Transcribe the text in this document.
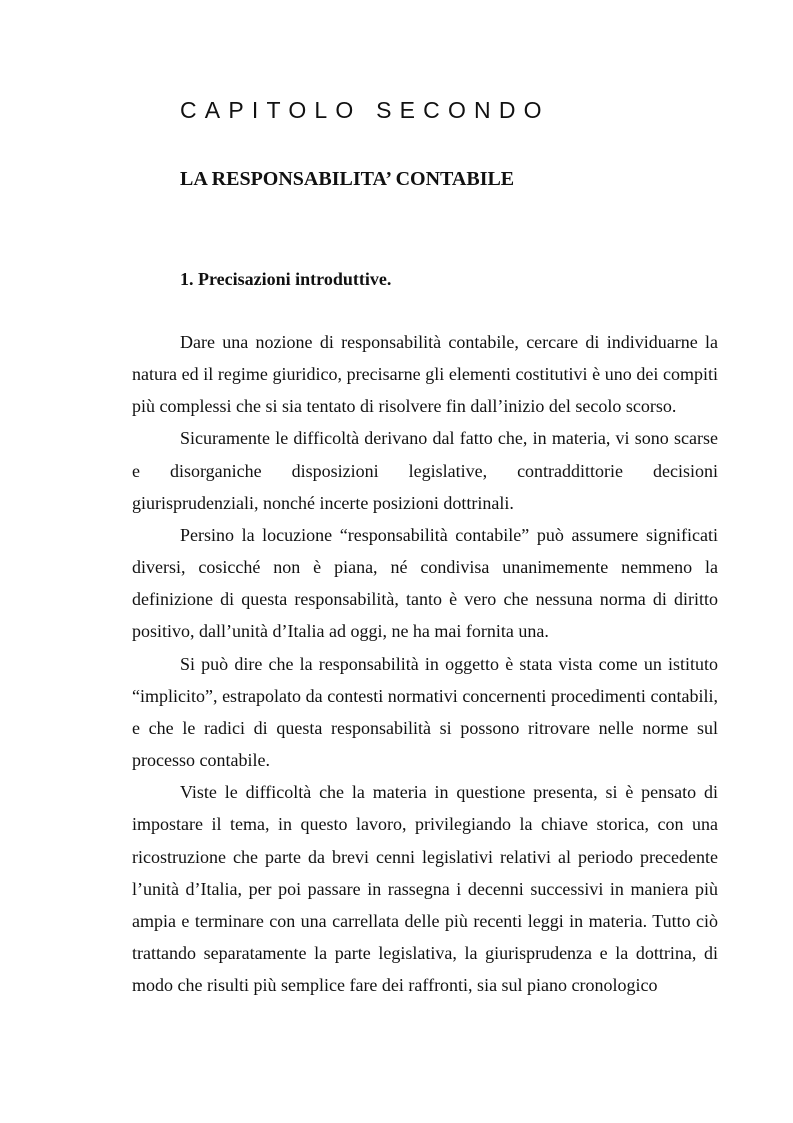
CAPITOLO SECONDO
LA RESPONSABILITA’ CONTABILE
1. Precisazioni introduttive.

Dare una nozione di responsabilità contabile, cercare di individuarne la natura ed il regime giuridico, precisarne gli elementi costitutivi è uno dei compiti più complessi che si sia tentato di risolvere fin dall’inizio del secolo scorso.

Sicuramente le difficoltà derivano dal fatto che, in materia, vi sono scarse e disorganiche disposizioni legislative, contraddittorie decisioni giurisprudenziali, nonché incerte posizioni dottrinali.

Persino la locuzione “responsabilità contabile” può assumere significati diversi, cosicché non è piana, né condivisa unanimemente nemmeno la definizione di questa responsabilità, tanto è vero che nessuna norma di diritto positivo, dall’unità d’Italia ad oggi, ne ha mai fornita una.

Si può dire che la responsabilità in oggetto è stata vista come un istituto “implicito”, estrapolato da contesti normativi concernenti procedimenti contabili, e che le radici di questa responsabilità si possono ritrovare nelle norme sul processo contabile.

Viste le difficoltà che la materia in questione presenta, si è pensato di impostare il tema, in questo lavoro, privilegiando la chiave storica, con una ricostruzione che parte da brevi cenni legislativi relativi al periodo precedente l’unità d’Italia, per poi passare in rassegna i decenni successivi in maniera più ampia e terminare con una carrellata delle più recenti leggi in materia. Tutto ciò trattando separatamente la parte legislativa, la giurisprudenza e la dottrina, di modo che risulti più semplice fare dei raffronti, sia sul piano cronologico
